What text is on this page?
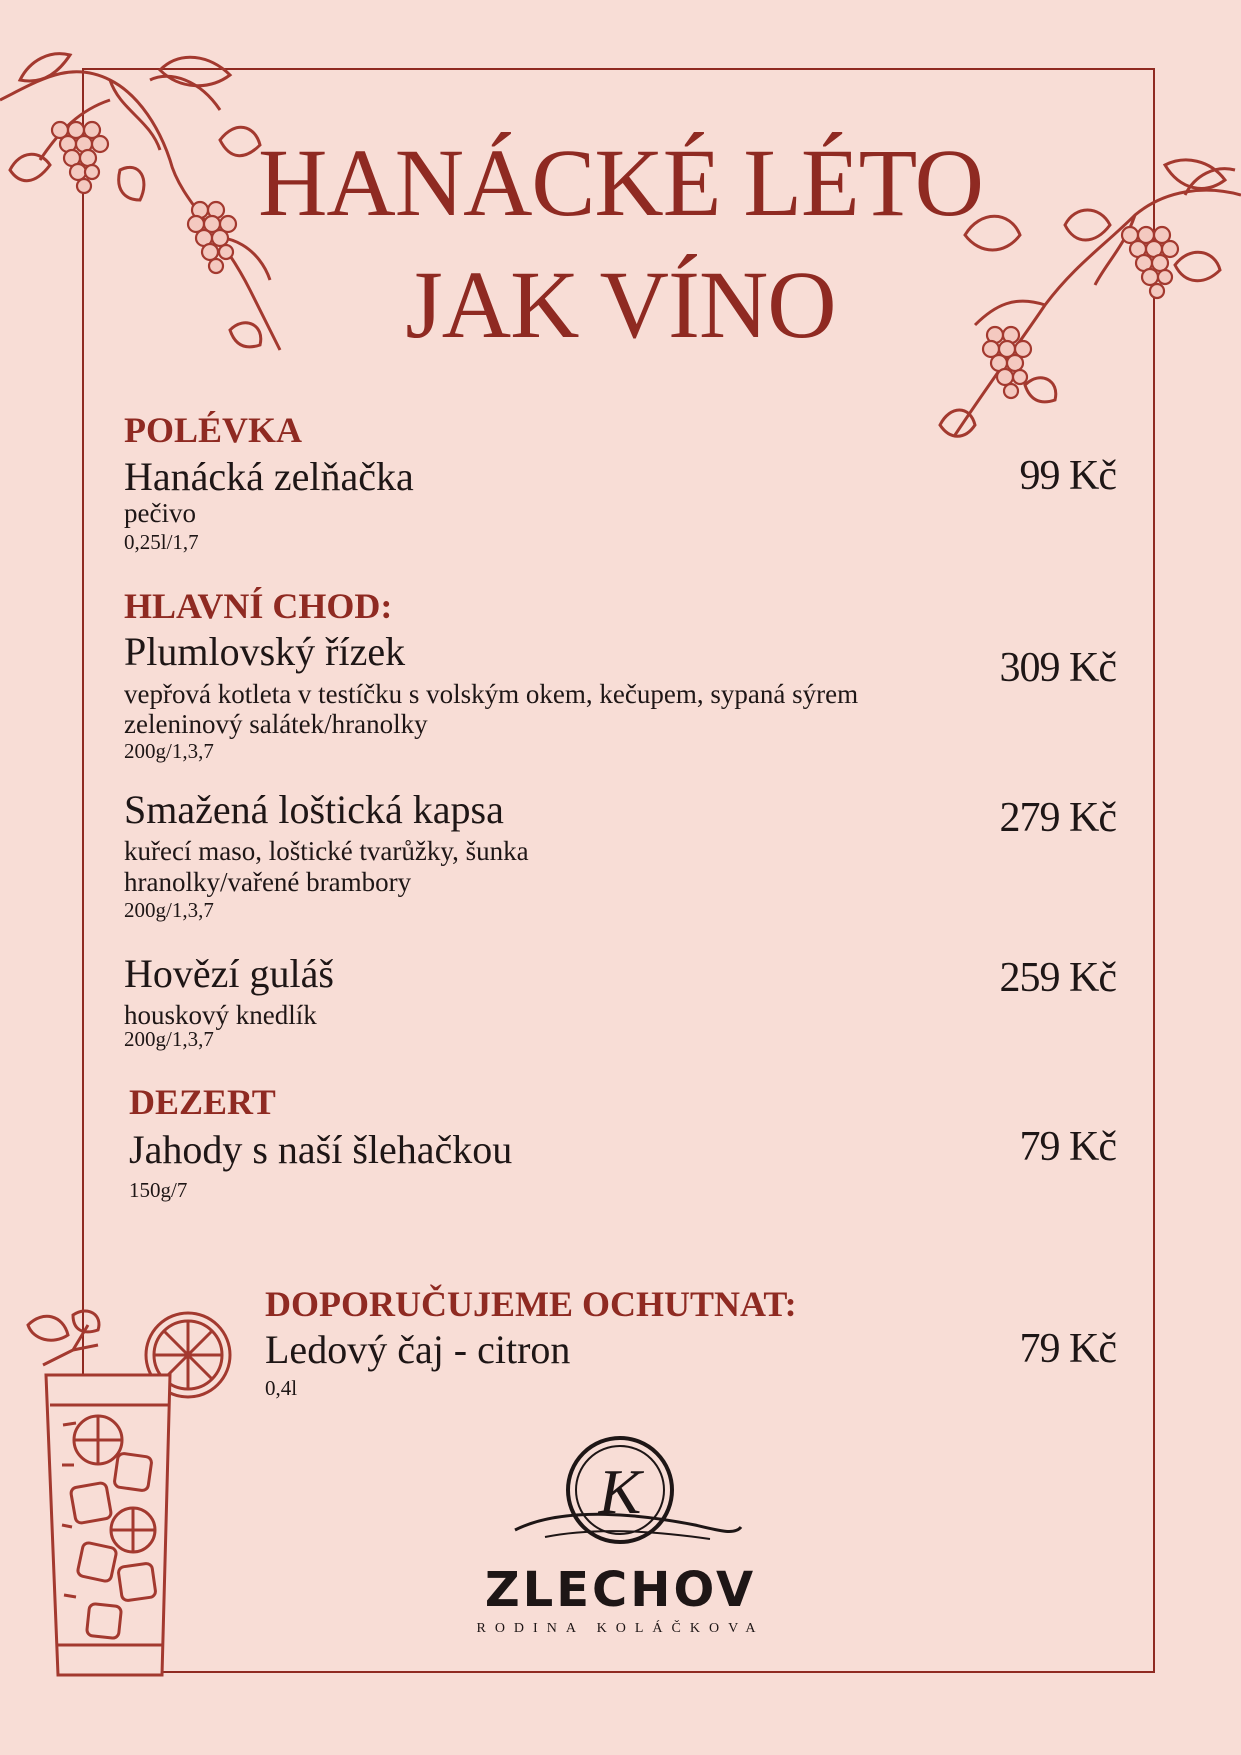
HANÁCKÉ LÉTO
JAK VÍNO
POLÉVKA
Hanácká zelňačka
pečivo
0,25l/1,7
99 Kč
HLAVNÍ CHOD:
Plumlovský řízek
vepřová kotleta v testíčku s volským okem, kečupem, sypaná sýrem
zeleninový salátek/hranolky
200g/1,3,7
309 Kč
Smažená loštická kapsa
kuřecí maso, loštické tvarůžky, šunka
hranolky/vařené brambory
200g/1,3,7
279 Kč
Hovězí guláš
houskový knedlík
200g/1,3,7
259 Kč
DEZERT
Jahody s naší šlehačkou
150g/7
79 Kč
DOPORUČUJEME OCHUTNAT:
Ledový čaj - citron
0,4l
79 Kč
K
ZLECHOV
RODINA KOLÁČKOVA
